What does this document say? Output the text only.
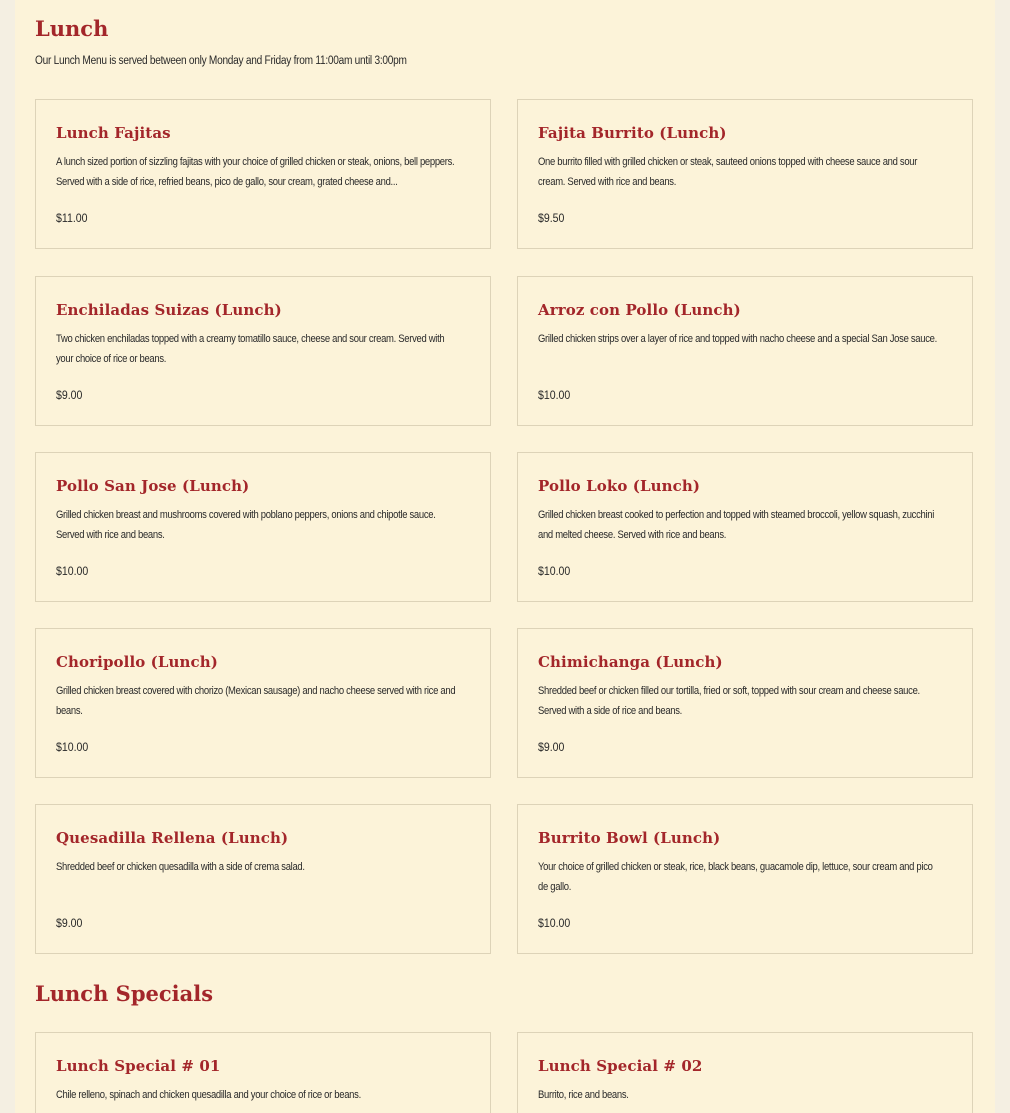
Lunch

Our Lunch Menu is served between only Monday and Friday from 11:00am until 3:00pm

Lunch Fajitas

A lunch sized portion of sizzling fajitas with your choice of grilled chicken or steak, onions, bell peppers. Served with a side of rice, refried beans, pico de gallo, sour cream, grated cheese and...

$11.00

Fajita Burrito (Lunch)

One burrito filled with grilled chicken or steak, sauteed onions topped with cheese sauce and sour cream. Served with rice and beans.

$9.50

Enchiladas Suizas (Lunch)

Two chicken enchiladas topped with a creamy tomatillo sauce, cheese and sour cream. Served with your choice of rice or beans.

$9.00

Arroz con Pollo (Lunch)

Grilled chicken strips over a layer of rice and topped with nacho cheese and a special San Jose sauce.

$10.00

Pollo San Jose (Lunch)

Grilled chicken breast and mushrooms covered with poblano peppers, onions and chipotle sauce. Served with rice and beans.

$10.00

Pollo Loko (Lunch)

Grilled chicken breast cooked to perfection and topped with steamed broccoli, yellow squash, zucchini and melted cheese. Served with rice and beans.

$10.00

Choripollo (Lunch)

Grilled chicken breast covered with chorizo (Mexican sausage) and nacho cheese served with rice and beans.

$10.00

Chimichanga (Lunch)

Shredded beef or chicken filled our tortilla, fried or soft, topped with sour cream and cheese sauce. Served with a side of rice and beans.

$9.00

Quesadilla Rellena (Lunch)

Shredded beef or chicken quesadilla with a side of crema salad.

$9.00

Burrito Bowl (Lunch)

Your choice of grilled chicken or steak, rice, black beans, guacamole dip, lettuce, sour cream and pico de gallo.

$10.00

Lunch Specials
Lunch Special # 01

Chile relleno, spinach and chicken quesadilla and your choice of rice or beans.

Lunch Special # 02

Burrito, rice and beans.
